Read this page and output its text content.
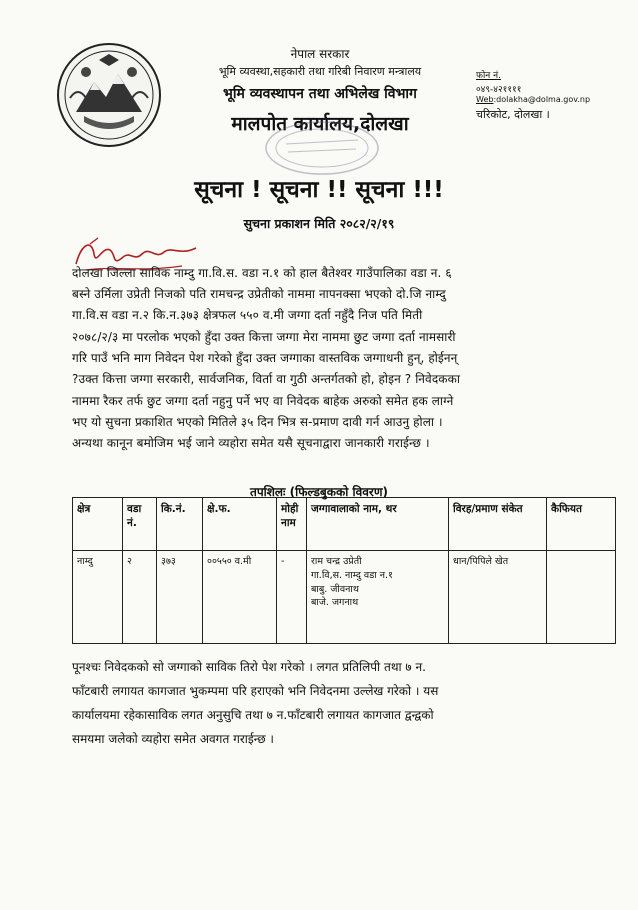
नेपाल सरकार
भूमि व्यवस्था,सहकारी तथा गरिबी निवारण मन्त्रालय
भूमि व्यवस्थापन तथा अभिलेख विभाग
मालपोत कार्यालय,दोलखा
फोन नं.
०४९-४२११११
Web:dolakha@dolma.gov.np
चरिकोट, दोलखा ।
सूचना ! सूचना !! सूचना !!!
सुचना प्रकाशन मिति २०८२/२/१९
दोलखा जिल्ला साविक नाम्दु गा.वि.स. वडा न.१ को हाल बैतेश्वर गाउँपालिका वडा न. ६
बस्ने उर्मिला उप्रेती निजको पति रामचन्द्र उप्रेतीको नाममा नापनक्सा भएको दो.जि नाम्दु
गा.वि.स वडा न.२ कि.न.३७३ क्षेत्रफल ५५० व.मी जग्गा दर्ता नहुँदै निज पति मिती
२०७८/२/३ मा परलोक भएको हुँदा उक्त कित्ता जग्गा मेरा नाममा छुट जग्गा दर्ता नामसारी
गरि पाउँ भनि माग निवेदन पेश गरेको हुँदा उक्त जग्गाका वास्तविक जग्गाधनी हुन्, होईनन्
?उक्त कित्ता जग्गा सरकारी, सार्वजनिक, विर्ता वा गुठी अन्तर्गतको हो, होइन ? निवेदकका
नाममा रैकर तर्फ छुट जग्गा दर्ता नहुनु पर्ने भए वा निवेदक बाहेक अरुको समेत हक लाग्ने
भए यो सुचना प्रकाशित भएको मितिले ३५ दिन भित्र स-प्रमाण दावी गर्न आउनु होला ।
अन्यथा कानून बमोजिम भई जाने व्यहोरा समेत यसै सूचनाद्वारा जानकारी गराईन्छ ।
तपशिलः (फिल्डबुकको विवरण)
क्षेत्र	वडा नं.	कि.नं.	क्षे.फ.	मोही नाम	जग्गावालाको नाम, थर	विरह/प्रमाण संकेत	कैफियत
नाम्दु	२	३७३	००५५० व.मी	-	राम चन्द्र उप्रेती
गा.वि,स. नाम्दु वडा न.१
बाबु. जीवनाथ
बाजे. जगनाथ	धान/पिपिले खेत	
पूनश्चः निवेदकको सो जग्गाको साविक तिरो पेश गरेको । लगत प्रतिलिपी तथा ७ न.
फाँटबारी लगायत कागजात भुकम्पमा परि हराएको भनि निवेदनमा उल्लेख गरेको । यस
कार्यालयमा रहेकासाविक लगत अनुसुचि तथा ७ न.फाँटबारी लगायत कागजात द्वन्द्वको
समयमा जलेको व्यहोरा समेत अवगत गराईन्छ ।
